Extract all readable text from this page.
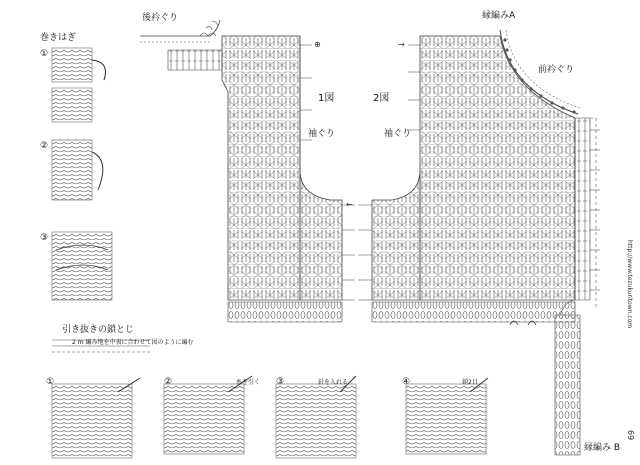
後衿ぐり	縁編みA
前衿ぐり
1図	2図
袖ぐり	袖ぐり
巻きはぎ
引き抜きの鎖とじ
縁編み B
69
①
②
③
①	②	③	④
2 m 編み地を中表に合わせて図のように編む
糸を引く	針を入れる	鎖2目
http://www.tezukuritown.com
⊕
←
→
